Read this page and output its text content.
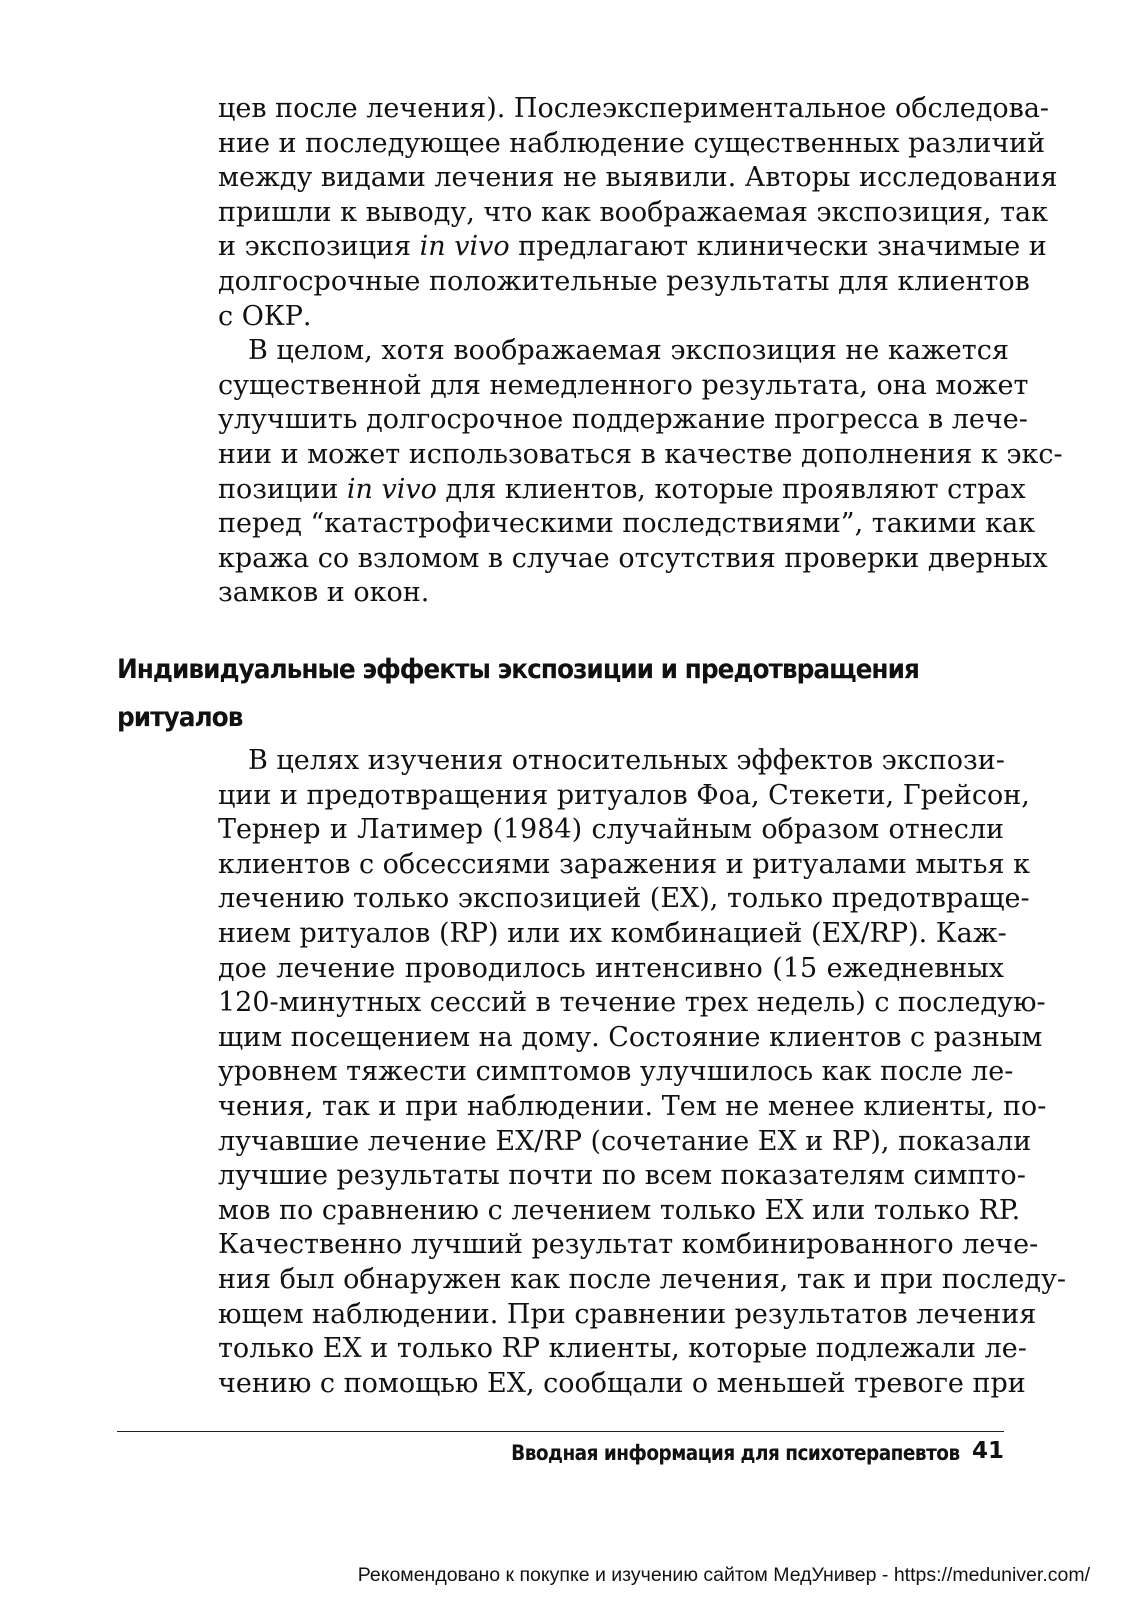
цев после лечения). Послеэкспериментальное обследова-
ние и последующее наблюдение существенных различий
между видами лечения не выявили. Авторы исследования
пришли к выводу, что как воображаемая экспозиция, так
и экспозиция in vivo предлагают клинически значимые и
долгосрочные положительные результаты для клиентов
с ОКР.

В целом, хотя воображаемая экспозиция не кажется
существенной для немедленного результата, она может
улучшить долгосрочное поддержание прогресса в лече-
нии и может использоваться в качестве дополнения к экс-
позиции in vivo для клиентов, которые проявляют страх
перед “катастрофическими последствиями”, такими как
кража со взломом в случае отсутствия проверки дверных
замков и окон.

Индивидуальные эффекты экспозиции и предотвращения
ритуалов

В целях изучения относительных эффектов экспози-
ции и предотвращения ритуалов Фоа, Стекети, Грейсон,
Тернер и Латимер (1984) случайным образом отнесли
клиентов с обсессиями заражения и ритуалами мытья к
лечению только экспозицией (EX), только предотвраще-
нием ритуалов (RP) или их комбинацией (EX/RP). Каж-
дое лечение проводилось интенсивно (15 ежедневных
120-минутных сессий в течение трех недель) с последую-
щим посещением на дому. Состояние клиентов с разным
уровнем тяжести симптомов улучшилось как после ле-
чения, так и при наблюдении. Тем не менее клиенты, по-
лучавшие лечение EX/RP (сочетание EX и RP), показали
лучшие результаты почти по всем показателям симпто-
мов по сравнению с лечением только EX или только RP.
Качественно лучший результат комбинированного лече-
ния был обнаружен как после лечения, так и при последу-
ющем наблюдении. При сравнении результатов лечения
только EX и только RP клиенты, которые подлежали ле-
чению с помощью EX, сообщали о меньшей тревоге при

Вводная информация для психотерапевтов 41
Рекомендовано к покупке и изучению сайтом МедУнивер - https://meduniver.com/
